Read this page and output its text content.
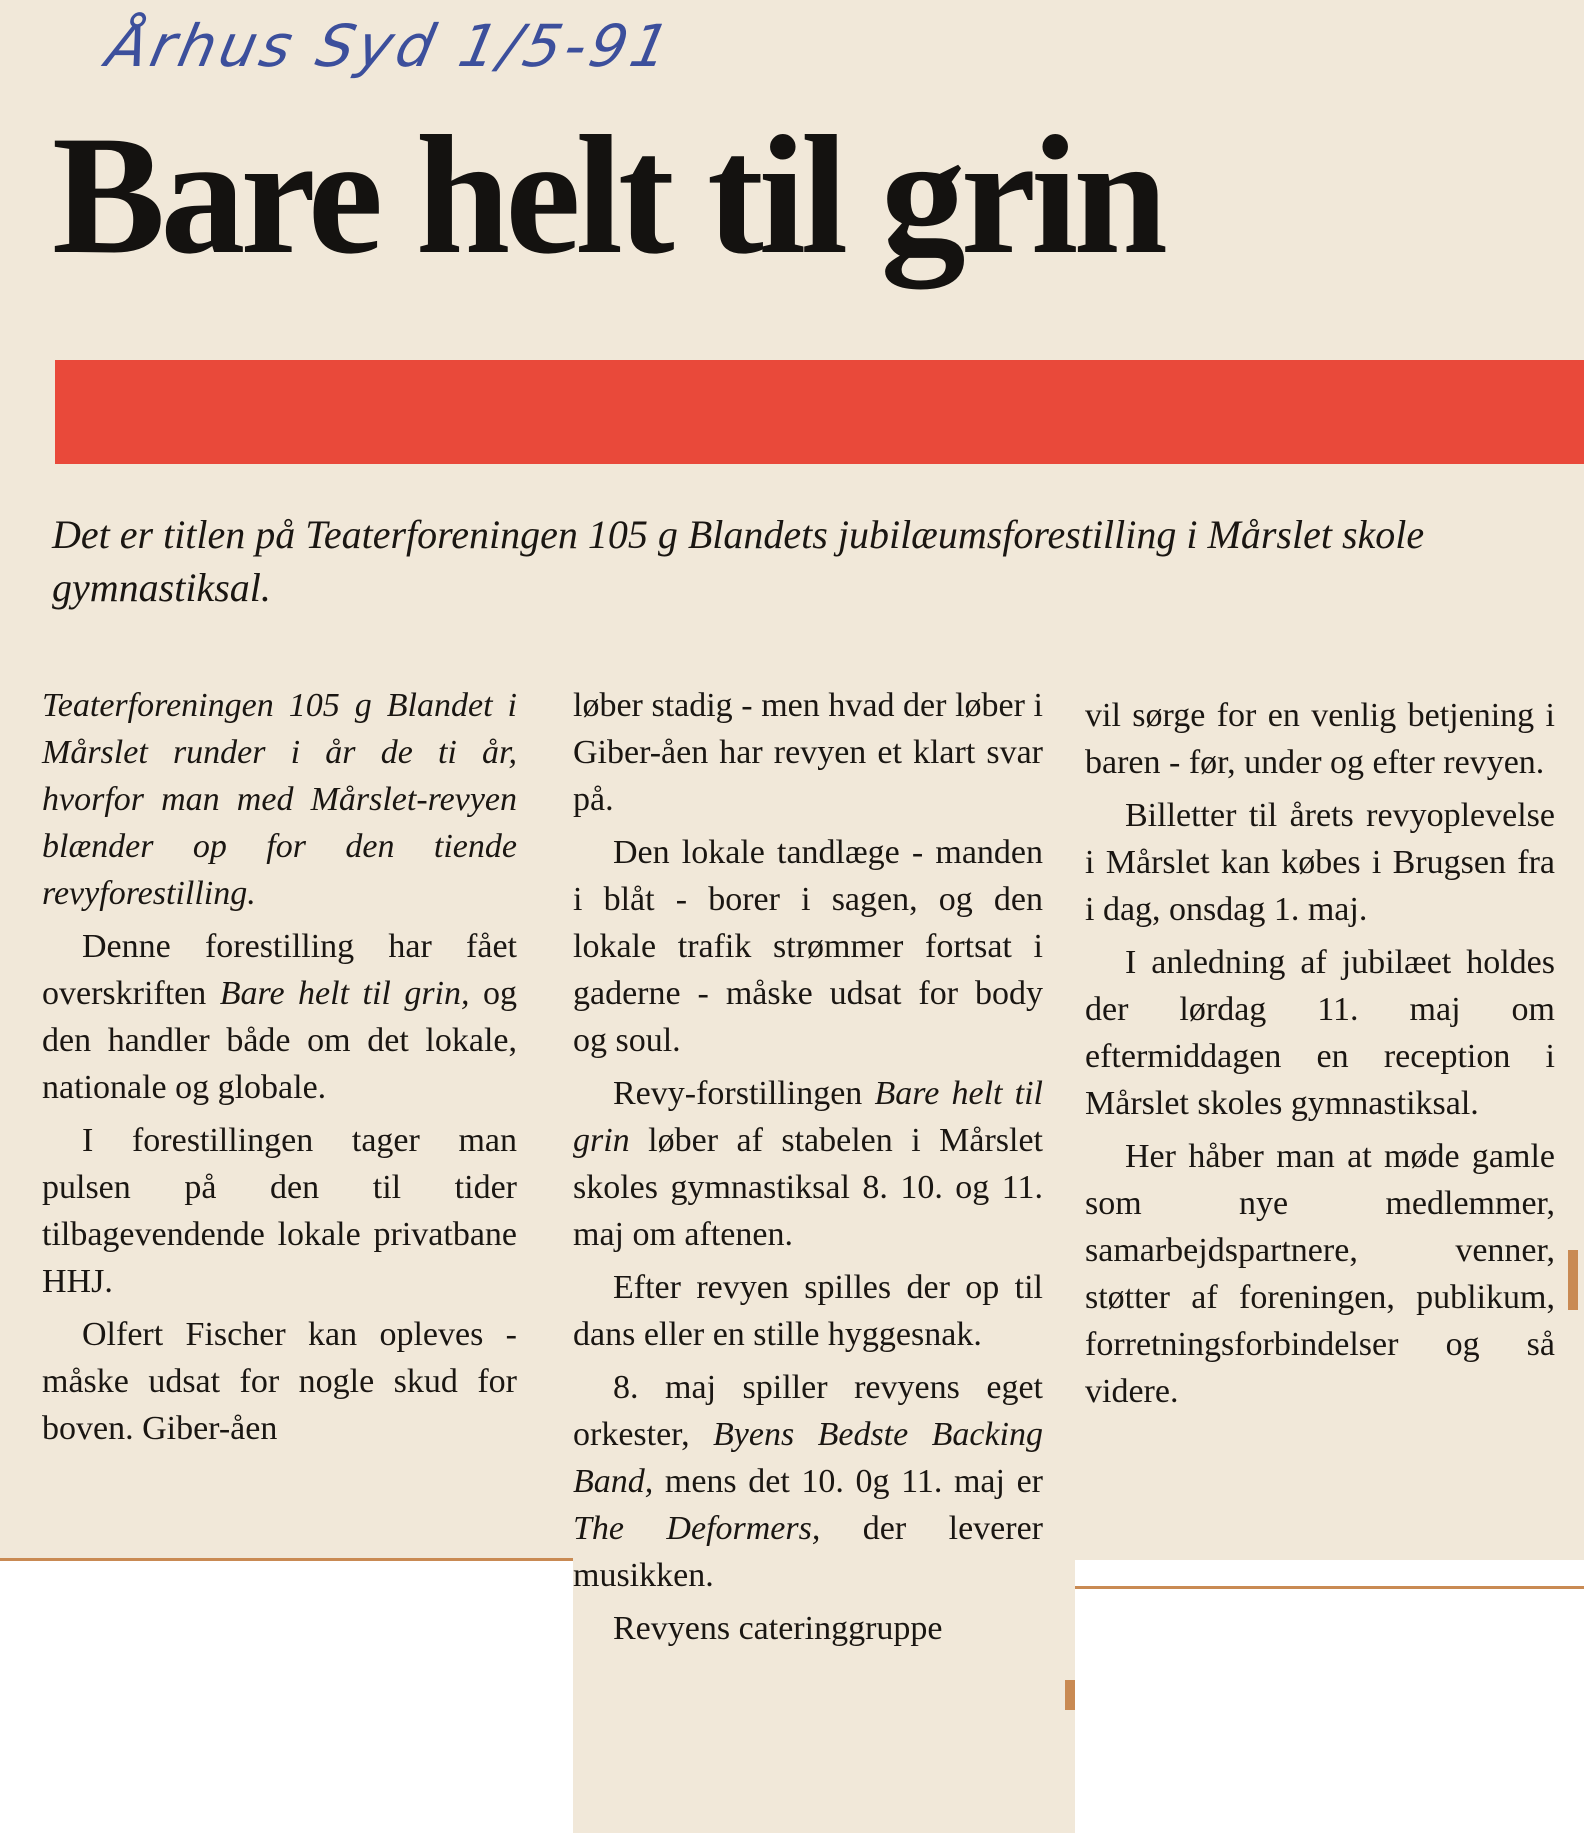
Århus Syd 1/5-91
Bare helt til grin

Det er titlen på Teaterforeningen 105 g Blandets jubilæumsforestilling i Mårslet skole gymnastiksal.

Teaterforeningen 105 g Blandet i Mårslet runder i år de ti år, hvorfor man med Mårslet-revyen blænder op for den tiende revyforestilling.

Denne forestilling har fået overskriften Bare helt til grin, og den handler både om det lokale, nationale og globale.

I forestillingen tager man pulsen på den til tider tilbagevendende lokale privatbane HHJ.

Olfert Fischer kan opleves - måske udsat for nogle skud for boven. Giber-åen

løber stadig - men hvad der løber i Giber-åen har revyen et klart svar på.

Den lokale tandlæge - manden i blåt - borer i sagen, og den lokale trafik strømmer fortsat i gaderne - måske udsat for body og soul.

Revy-forstillingen Bare helt til grin løber af stabelen i Mårslet skoles gymnastiksal 8. 10. og 11. maj om aftenen.

Efter revyen spilles der op til dans eller en stille hyggesnak.

8. maj spiller revyens eget orkester, Byens Bedste Backing Band, mens det 10. 0g 11. maj er The Deformers, der leverer musikken.

Revyens cateringgruppe

vil sørge for en venlig betjening i baren - før, under og efter revyen.

Billetter til årets revyoplevelse i Mårslet kan købes i Brugsen fra i dag, onsdag 1. maj.

I anledning af jubilæet holdes der lørdag 11. maj om eftermiddagen en reception i Mårslet skoles gymnastiksal.

Her håber man at møde gamle som nye medlemmer, samarbejdspartnere, venner, støtter af foreningen, publikum, forretningsforbindelser og så videre.
